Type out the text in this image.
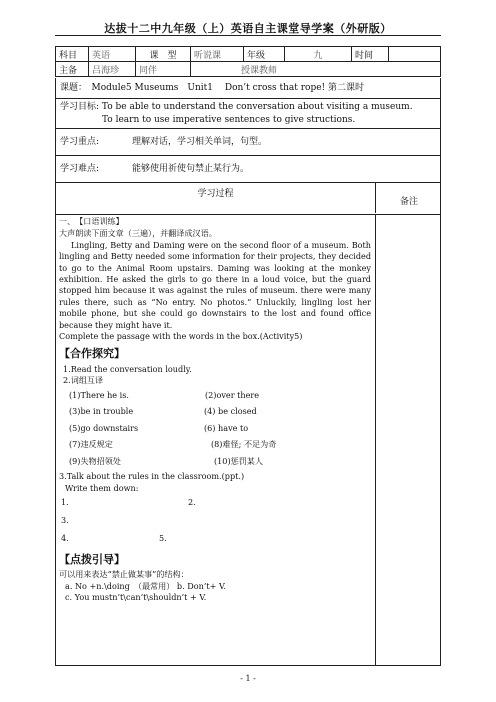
达拔十二中九年级（上）英语自主课堂导学案（外研版）
科目	英语	课　型	听说课	年级	九	时间	
主备	吕海珍	同伴	授课教师				
课题：　Module5 Museums　Unit1　 Don’t cross that rope! 第二课时
学习目标: To be able to understand the conversation about visiting a museum.
To learn to use imperative sentences to give structions.
学习重点:	理解对话，学习相关单词，句型。
学习难点:	能够使用祈使句禁止某行为。
学习过程
备注

一、　【口语训练】

大声朗读下面文章（三遍），并翻译成汉语。

Lingling, Betty and Daming were on the second floor of a museum. Both lingling and Betty needed some information for their projects, they decided to go to the Animal Room upstairs. Daming was looking at the monkey exhibition. He asked the girls to go there in a loud voice, but the guard stopped him because it was against the rules of museum. there were many rules there, such as “No entry. No photos.” Unluckily, lingling lost her mobile phone, but she could go downstairs to the lost and found office because they might have it.

Complete the passage with the words in the box.(Activity5)

【合作探究】

1.Read the conversation loudly.

2.词组互译

(1)There he is.	(2)over there
(3)be in trouble	(4) be closed
(5)go downstairs	(6) have to
(7)违反规定	(8)难怪; 不足为奇
(9)失物招领处	(10)惩罚某人

3.Talk about the rules in the classroom.(ppt.)

Write them down:

1.	2.
3.
4.	5.

【点拨引导】

可以用来表达“禁止做某事”的结构：

a. No +n.\doing　（最常用） b. Don’t+ V.

c. You mustn’t\can’t\shouldn’t + V.

- 1 -
